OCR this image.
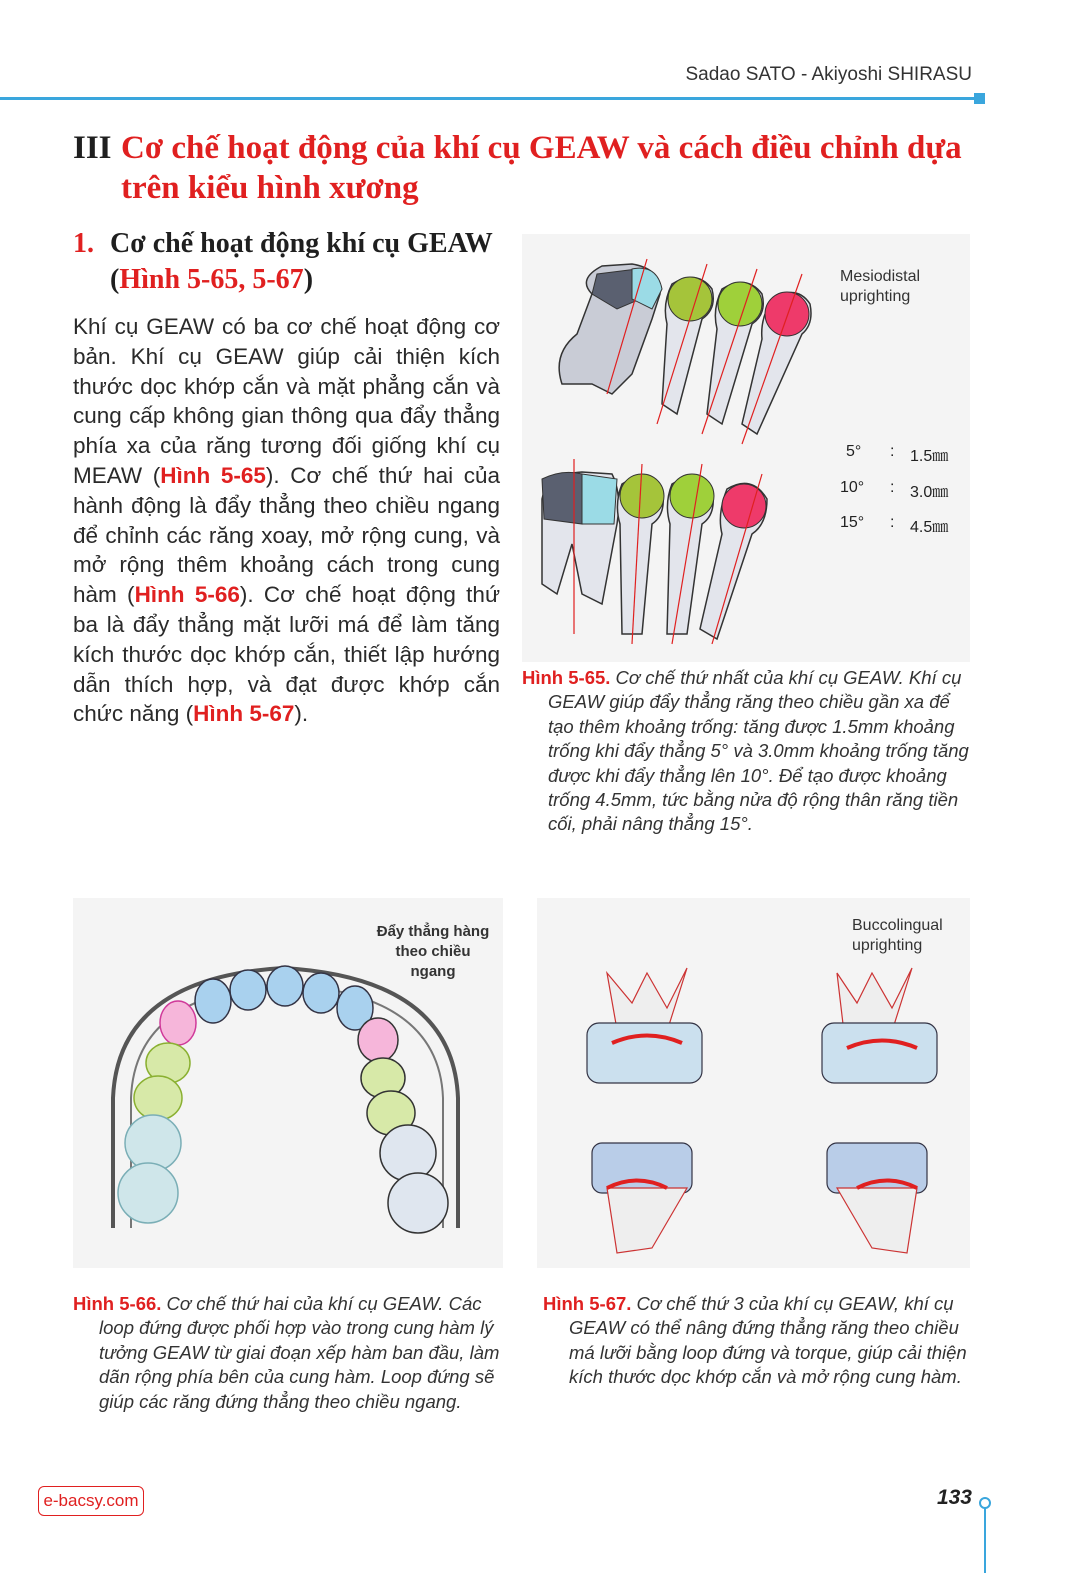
Sadao SATO - Akiyoshi SHIRASU
III Cơ chế hoạt động của khí cụ GEAW và cách điều chỉnh dựa trên kiểu hình xương
1. Cơ chế hoạt động khí cụ GEAW (Hình 5-65, 5-67)
Khí cụ GEAW có ba cơ chế hoạt động cơ bản. Khí cụ GEAW giúp cải thiện kích thước dọc khớp cắn và mặt phẳng cắn và cung cấp không gian thông qua đẩy thẳng phía xa của răng tương đối giống khí cụ MEAW (Hình 5-65). Cơ chế thứ hai của hành động là đẩy thẳng theo chiều ngang để chỉnh các răng xoay, mở rộng cung, và mở rộng thêm khoảng cách trong cung hàm (Hình 5-66). Cơ chế hoạt động thứ ba là đẩy thẳng mặt lưỡi má để làm tăng kích thước dọc khớp cắn, thiết lập hướng dẫn thích hợp, và đạt được khớp cắn chức năng (Hình 5-67).
Mesiodistal
uprighting
5° : 1.5㎜
10° : 3.0㎜
15° : 4.5㎜
Hình 5-65. Cơ chế thứ nhất của khí cụ GEAW. Khí cụ GEAW giúp đẩy thẳng răng theo chiều gần xa để tạo thêm khoảng trống: tăng được 1.5mm khoảng trống khi đẩy thẳng 5° và 3.0mm khoảng trống tăng được khi đẩy thẳng lên 10°. Để tạo được khoảng trống 4.5mm, tức bằng nửa độ rộng thân răng tiền cối, phải nâng thẳng 15°.
Đẩy thẳng hàng
theo chiều
ngang
Hình 5-66. Cơ chế thứ hai của khí cụ GEAW. Các loop đứng được phối hợp vào trong cung hàm lý tưởng GEAW từ giai đoạn xếp hàm ban đầu, làm dãn rộng phía bên của cung hàm. Loop đứng sẽ giúp các răng đứng thẳng theo chiều ngang.
Buccolingual
uprighting
Hình 5-67. Cơ chế thứ 3 của khí cụ GEAW, khí cụ GEAW có thể nâng đứng thẳng răng theo chiều má lưỡi bằng loop đứng và torque, giúp cải thiện kích thước dọc khớp cắn và mở rộng cung hàm.
e-bacsy.com	133
